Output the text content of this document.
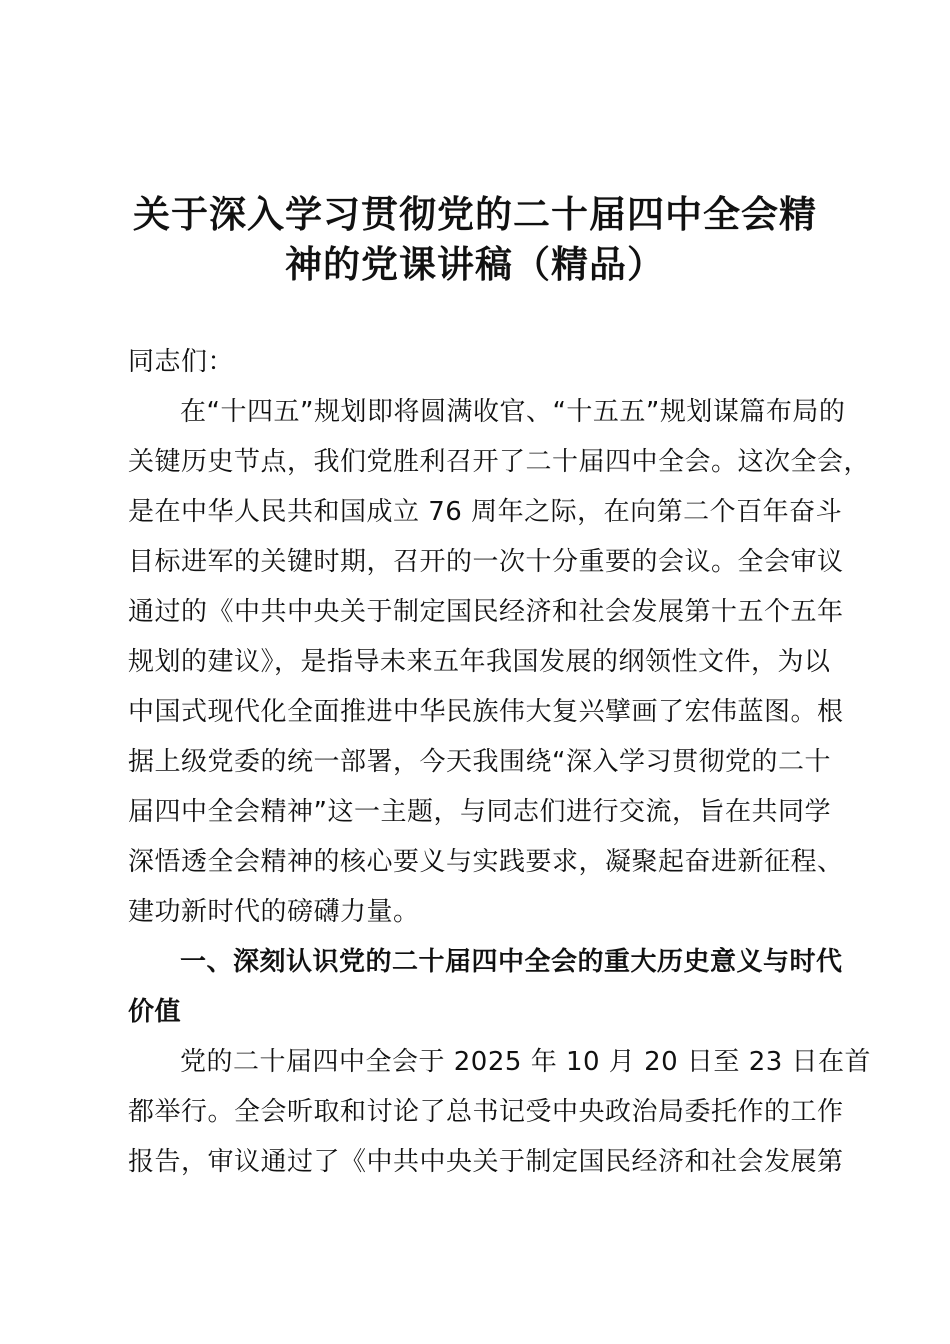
关于深入学习贯彻党的二十届四中全会精
神的党课讲稿（精品）
同志们：
在“十四五”规划即将圆满收官、“十五五”规划谋篇布局的
关键历史节点，我们党胜利召开了二十届四中全会。这次全会，
是在中华人民共和国成立 76 周年之际，在向第二个百年奋斗
目标进军的关键时期，召开的一次十分重要的会议。全会审议
通过的《中共中央关于制定国民经济和社会发展第十五个五年
规划的建议》，是指导未来五年我国发展的纲领性文件，为以
中国式现代化全面推进中华民族伟大复兴擘画了宏伟蓝图。根
据上级党委的统一部署，今天我围绕“深入学习贯彻党的二十
届四中全会精神”这一主题，与同志们进行交流，旨在共同学
深悟透全会精神的核心要义与实践要求，凝聚起奋进新征程、
建功新时代的磅礴力量。
一、深刻认识党的二十届四中全会的重大历史意义与时代
价值
党的二十届四中全会于 2025 年 10 月 20 日至 23 日在首
都举行。全会听取和讨论了总书记受中央政治局委托作的工作
报告，审议通过了《中共中央关于制定国民经济和社会发展第
